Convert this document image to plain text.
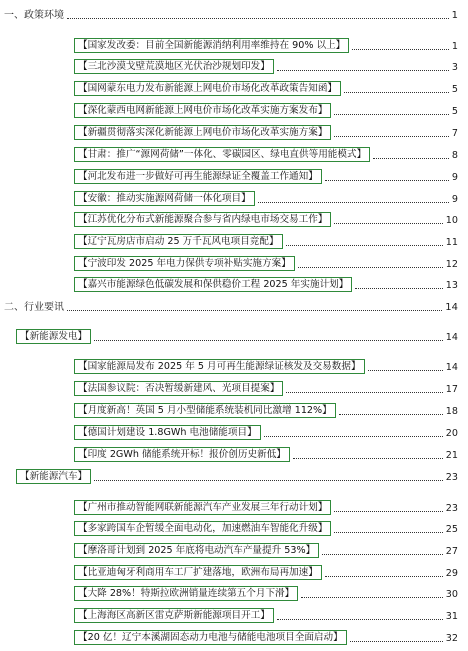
一、政策环境	1
【国家发改委：目前全国新能源消纳利用率维持在 90% 以上】	1
【三北沙漠戈壁荒漠地区光伏治沙规划印发】	3
【国网蒙东电力发布新能源上网电价市场化改革政策告知函】	5
【深化蒙西电网新能源上网电价市场化改革实施方案发布】	5
【新疆贯彻落实深化新能源上网电价市场化改革实施方案】	7
【甘肃：推广“源网荷储”一体化、零碳园区、绿电直供等用能模式】	8
【河北发布进一步做好可再生能源绿证全覆盖工作通知】	9
【安徽：推动实施源网荷储一体化项目】	9
【江苏优化分布式新能源聚合参与省内绿电市场交易工作】	10
【辽宁瓦房店市启动 25 万千瓦风电项目竞配】	11
【宁波印发 2025 年电力保供专项补贴实施方案】	12
【嘉兴市能源绿色低碳发展和保供稳价工程 2025 年实施计划】	13
二、行业要讯	14
【新能源发电】	14
【国家能源局发布 2025 年 5 月可再生能源绿证核发及交易数据】	14
【法国参议院：否决暂缓新建风、光项目提案】	17
【月度新高！英国 5 月小型储能系统装机同比激增 112%】	18
【德国计划建设 1.8GWh 电池储能项目】	20
【印度 2GWh 储能系统开标！报价创历史新低】	21
【新能源汽车】	23
【广州市推动智能网联新能源汽车产业发展三年行动计划】	23
【多家跨国车企暂缓全面电动化，加速燃油车智能化升级】	25
【摩洛哥计划到 2025 年底将电动汽车产量提升 53%】	27
【比亚迪匈牙利商用车工厂扩建落地，欧洲布局再加速】	29
【大降 28%！特斯拉欧洲销量连续第五个月下滑】	30
【上海海区高新区雷克萨斯新能源项目开工】	31
【20 亿！辽宁本溪湖固态动力电池与储能电池项目全面启动】	32
